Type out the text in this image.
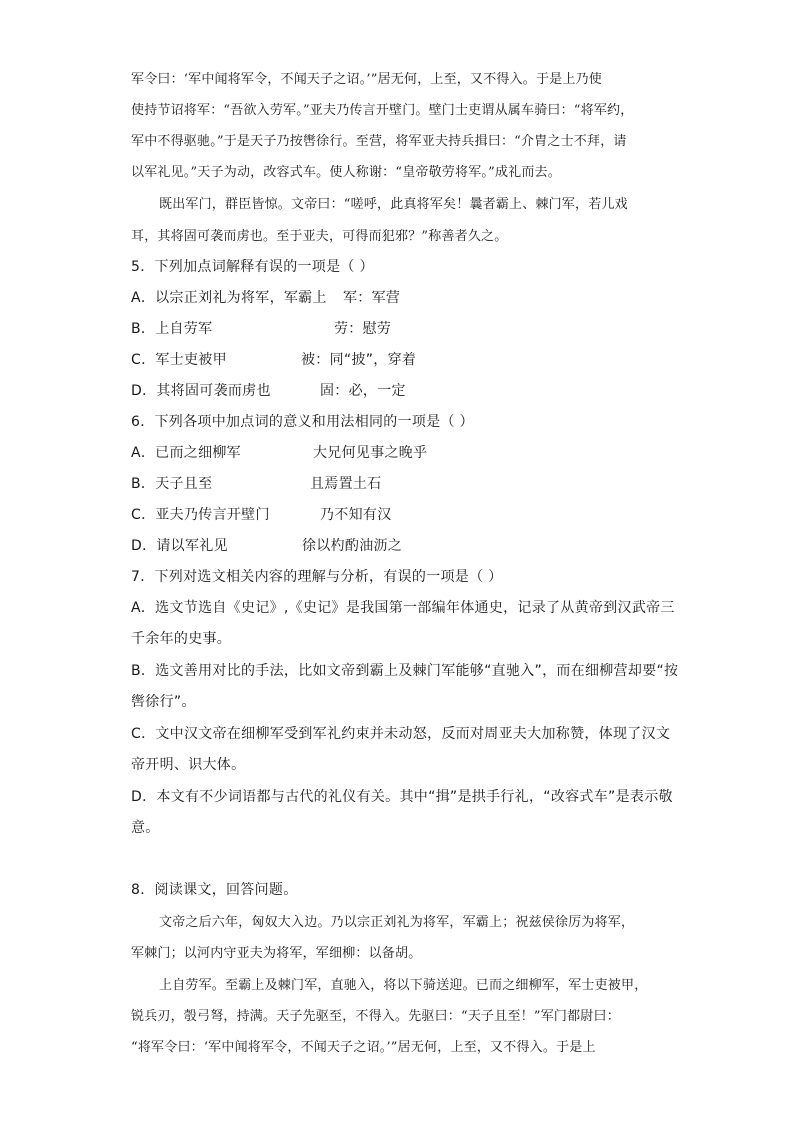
军令曰：‘军中闻将军令，不闻天子之诏。’”居无何，上至，又不得入。于是上乃使

使持节诏将军：“吾欲入劳军。”亚夫乃传言开壁门。壁门士吏谓从属车骑曰：“将军约，

军中不得驱驰。”于是天子乃按辔徐行。至营，将军亚夫持兵揖曰：“介胄之士不拜，请

以军礼见。”天子为动，改容式车。使人称谢：“皇帝敬劳将军。”成礼而去。

既出军门，群臣皆惊。文帝曰：“嗟呼，此真将军矣！曩者霸上、棘门军，若儿戏

耳，其将固可袭而虏也。至于亚夫，可得而犯邪？”称善者久之。

5．下列加点词解释有误的一项是（ ）

A．以宗正刘礼为将军，军霸上 军：军营
B．上自劳军	劳：慰劳
C．军士吏被甲	被：同“披”，穿着
D．其将固可袭而虏也	固：必，一定

6．下列各项中加点词的意义和用法相同的一项是（ ）

A．已而之细柳军	大兄何见事之晚乎
B．天子且至	且焉置土石
C．亚夫乃传言开壁门	乃不知有汉
D．请以军礼见	徐以杓酌油沥之

7．下列对选文相关内容的理解与分析，有误的一项是（ ）

A．选文节选自《史记》,《史记》是我国第一部编年体通史，记录了从黄帝到汉武帝三

千余年的史事。

B．选文善用对比的手法，比如文帝到霸上及棘门军能够“直驰入”，而在细柳营却要“按

辔徐行”。

C．文中汉文帝在细柳军受到军礼约束并未动怒，反而对周亚夫大加称赞，体现了汉文

帝开明、识大体。

D．本文有不少词语都与古代的礼仪有关。其中“揖”是拱手行礼，“改容式车”是表示敬

意。

8．阅读课文，回答问题。

文帝之后六年，匈奴大入边。乃以宗正刘礼为将军，军霸上；祝兹侯徐厉为将军，

军棘门；以河内守亚夫为将军，军细柳：以备胡。

上自劳军。至霸上及棘门军，直驰入，将以下骑送迎。已而之细柳军，军士吏被甲，

锐兵刃，彀弓弩，持满。天子先驱至，不得入。先驱曰：“天子且至！”军门都尉曰：

“将军令曰：‘军中闻将军令，不闻天子之诏。’”居无何，上至，又不得入。于是上
